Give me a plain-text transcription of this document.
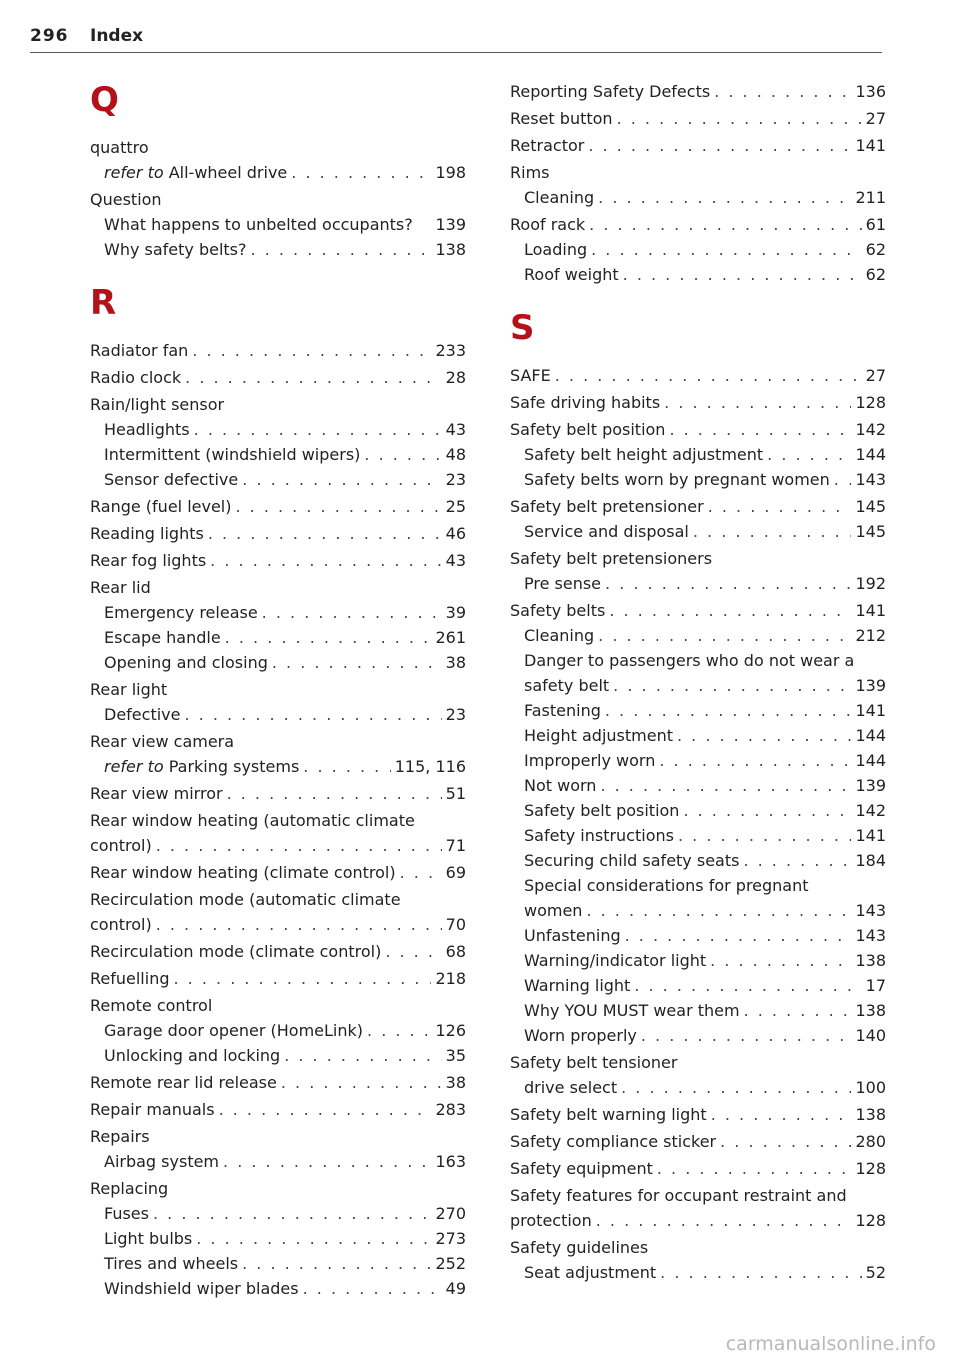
296 Index
Q
quattro
refer to All-wheel drive . . .	198
Question
What happens to unbelted occupants? 139
Why safety belts? . . .	138
R
Radiator fan . . .	233
Radio clock . . .	28
Rain/light sensor
Headlights . . .	43
Intermittent (windshield wipers) . . .	48
Sensor defective . . .	23
Range (fuel level) . . .	25
Reading lights . . .	46
Rear fog lights . . .	43
Rear lid
Emergency release . . .	39
Escape handle . . .	261
Opening and closing . . .	38
Rear light
Defective . . .	23
Rear view camera
refer to Parking systems . . .	115, 116
Rear view mirror . . .	51
Rear window heating (automatic climate
control) . . .	71
Rear window heating (climate control) . . .	69
Recirculation mode (automatic climate
control) . . .	70
Recirculation mode (climate control) . . .	68
Refuelling . . .	218
Remote control
Garage door opener (HomeLink) . . .	126
Unlocking and locking . . .	35
Remote rear lid release . . .	38
Repair manuals . . .	283
Repairs
Airbag system . . .	163
Replacing
Fuses . . .	270
Light bulbs . . .	273
Tires and wheels . . .	252
Windshield wiper blades . . .	49
Reporting Safety Defects . . .	136
Reset button . . .	27
Retractor . . .	141
Rims
Cleaning . . .	211
Roof rack . . .	61
Loading . . .	62
Roof weight . . .	62
S
SAFE . . .	27
Safe driving habits . . .	128
Safety belt position . . .	142
Safety belt height adjustment . . .	144
Safety belts worn by pregnant women . . . 143
Safety belt pretensioner . . .	145
Service and disposal . . .	145
Safety belt pretensioners
Pre sense . . .	192
Safety belts . . .	141
Cleaning . . .	212
Danger to passengers who do not wear a
safety belt . . .	139
Fastening . . .	141
Height adjustment . . .	144
Improperly worn . . .	144
Not worn . . .	139
Safety belt position . . .	142
Safety instructions . . .	141
Securing child safety seats . . .	184
Special considerations for pregnant
women . . .	143
Unfastening . . .	143
Warning/indicator light . . .	138
Warning light . . .	17
Why YOU MUST wear them . . .	138
Worn properly . . .	140
Safety belt tensioner
drive select . . .	100
Safety belt warning light . . .	138
Safety compliance sticker . . .	280
Safety equipment . . .	128
Safety features for occupant restraint and
protection . . .	128
Safety guidelines
Seat adjustment . . .	52
carmanualsonline.info
